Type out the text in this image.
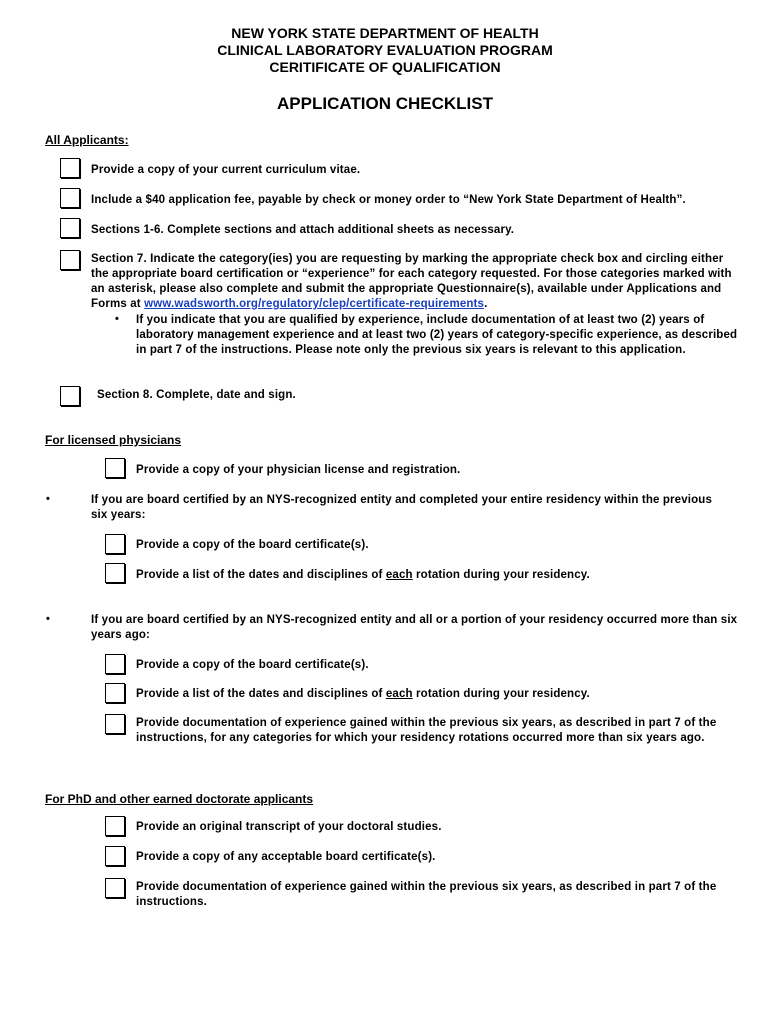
NEW YORK STATE DEPARTMENT OF HEALTH
CLINICAL LABORATORY EVALUATION PROGRAM
CERITIFICATE OF QUALIFICATION
APPLICATION CHECKLIST
All Applicants:
Provide a copy of your current curriculum vitae.
Include a $40 application fee, payable by check or money order to “New York State Department of Health”.
Sections 1-6. Complete sections and attach additional sheets as necessary.
Section 7. Indicate the category(ies) you are requesting by marking the appropriate check box and circling either the appropriate board certification or “experience” for each category requested. For those categories marked with an asterisk, please also complete and submit the appropriate Questionnaire(s), available under Applications and Forms at www.wadsworth.org/regulatory/clep/certificate-requirements.
• If you indicate that you are qualified by experience, include documentation of at least two (2) years of laboratory management experience and at least two (2) years of category-specific experience, as described in part 7 of the instructions. Please note only the previous six years is relevant to this application.
Section 8. Complete, date and sign.
For licensed physicians
Provide a copy of your physician license and registration.
•	If you are board certified by an NYS-recognized entity and completed your entire residency within the previous six years:
Provide a copy of the board certificate(s).
Provide a list of the dates and disciplines of each rotation during your residency.
•	If you are board certified by an NYS-recognized entity and all or a portion of your residency occurred more than six years ago:
Provide a copy of the board certificate(s).
Provide a list of the dates and disciplines of each rotation during your residency.
Provide documentation of experience gained within the previous six years, as described in part 7 of the instructions, for any categories for which your residency rotations occurred more than six years ago.
For PhD and other earned doctorate applicants
Provide an original transcript of your doctoral studies.
Provide a copy of any acceptable board certificate(s).
Provide documentation of experience gained within the previous six years, as described in part 7 of the instructions.
